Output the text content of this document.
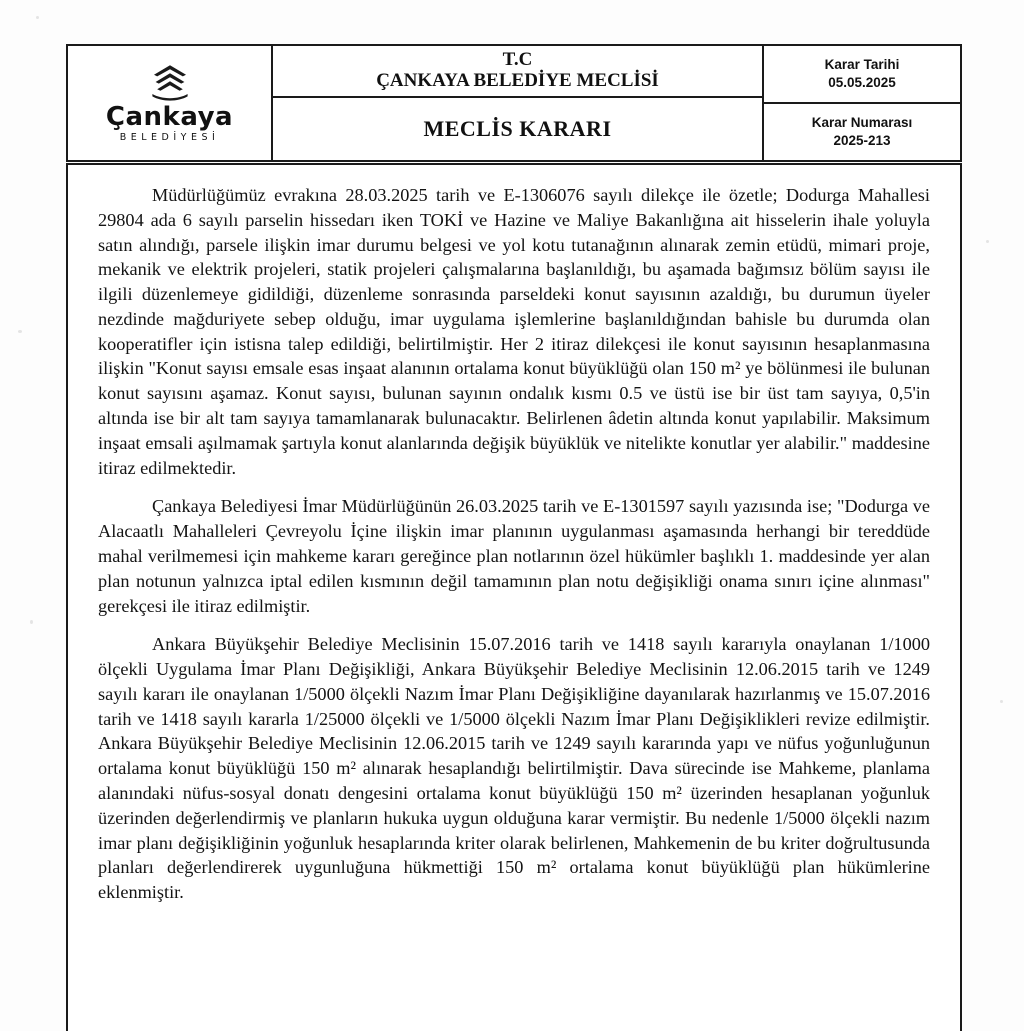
Çankaya
BELEDİYESİ
T.C
ÇANKAYA BELEDİYE MECLİSİ
MECLİS KARARI
Karar Tarihi
05.05.2025
Karar Numarası
2025-213

Müdürlüğümüz evrakına 28.03.2025 tarih ve E-1306076 sayılı dilekçe ile özetle; Dodurga Mahallesi 29804 ada 6 sayılı parselin hissedarı iken TOKİ ve Hazine ve Maliye Bakanlığına ait hisselerin ihale yoluyla satın alındığı, parsele ilişkin imar durumu belgesi ve yol kotu tutanağının alınarak zemin etüdü, mimari proje, mekanik ve elektrik projeleri, statik projeleri çalışmalarına başlanıldığı, bu aşamada bağımsız bölüm sayısı ile ilgili düzenlemeye gidildiği, düzenleme sonrasında parseldeki konut sayısının azaldığı, bu durumun üyeler nezdinde mağduriyete sebep olduğu, imar uygulama işlemlerine başlanıldığından bahisle bu durumda olan kooperatifler için istisna talep edildiği, belirtilmiştir. Her 2 itiraz dilekçesi ile konut sayısının hesaplanmasına ilişkin "Konut sayısı emsale esas inşaat alanının ortalama konut büyüklüğü olan 150 m² ye bölünmesi ile bulunan konut sayısını aşamaz. Konut sayısı, bulunan sayının ondalık kısmı 0.5 ve üstü ise bir üst tam sayıya, 0,5'in altında ise bir alt tam sayıya tamamlanarak bulunacaktır. Belirlenen âdetin altında konut yapılabilir. Maksimum inşaat emsali aşılmamak şartıyla konut alanlarında değişik büyüklük ve nitelikte konutlar yer alabilir." maddesine itiraz edilmektedir.

Çankaya Belediyesi İmar Müdürlüğünün 26.03.2025 tarih ve E-1301597 sayılı yazısında ise; "Dodurga ve Alacaatlı Mahalleleri Çevreyolu İçine ilişkin imar planının uygulanması aşamasında herhangi bir tereddüde mahal verilmemesi için mahkeme kararı gereğince plan notlarının özel hükümler başlıklı 1. maddesinde yer alan plan notunun yalnızca iptal edilen kısmının değil tamamının plan notu değişikliği onama sınırı içine alınması" gerekçesi ile itiraz edilmiştir.

Ankara Büyükşehir Belediye Meclisinin 15.07.2016 tarih ve 1418 sayılı kararıyla onaylanan 1/1000 ölçekli Uygulama İmar Planı Değişikliği, Ankara Büyükşehir Belediye Meclisinin 12.06.2015 tarih ve 1249 sayılı kararı ile onaylanan 1/5000 ölçekli Nazım İmar Planı Değişikliğine dayanılarak hazırlanmış ve 15.07.2016 tarih ve 1418 sayılı kararla 1/25000 ölçekli ve 1/5000 ölçekli Nazım İmar Planı Değişiklikleri revize edilmiştir. Ankara Büyükşehir Belediye Meclisinin 12.06.2015 tarih ve 1249 sayılı kararında yapı ve nüfus yoğunluğunun ortalama konut büyüklüğü 150 m² alınarak hesaplandığı belirtilmiştir. Dava sürecinde ise Mahkeme, planlama alanındaki nüfus-sosyal donatı dengesini ortalama konut büyüklüğü 150 m² üzerinden hesaplanan yoğunluk üzerinden değerlendirmiş ve planların hukuka uygun olduğuna karar vermiştir. Bu nedenle 1/5000 ölçekli nazım imar planı değişikliğinin yoğunluk hesaplarında kriter olarak belirlenen, Mahkemenin de bu kriter doğrultusunda planları değerlendirerek uygunluğuna hükmettiği 150 m² ortalama konut büyüklüğü plan hükümlerine eklenmiştir.
